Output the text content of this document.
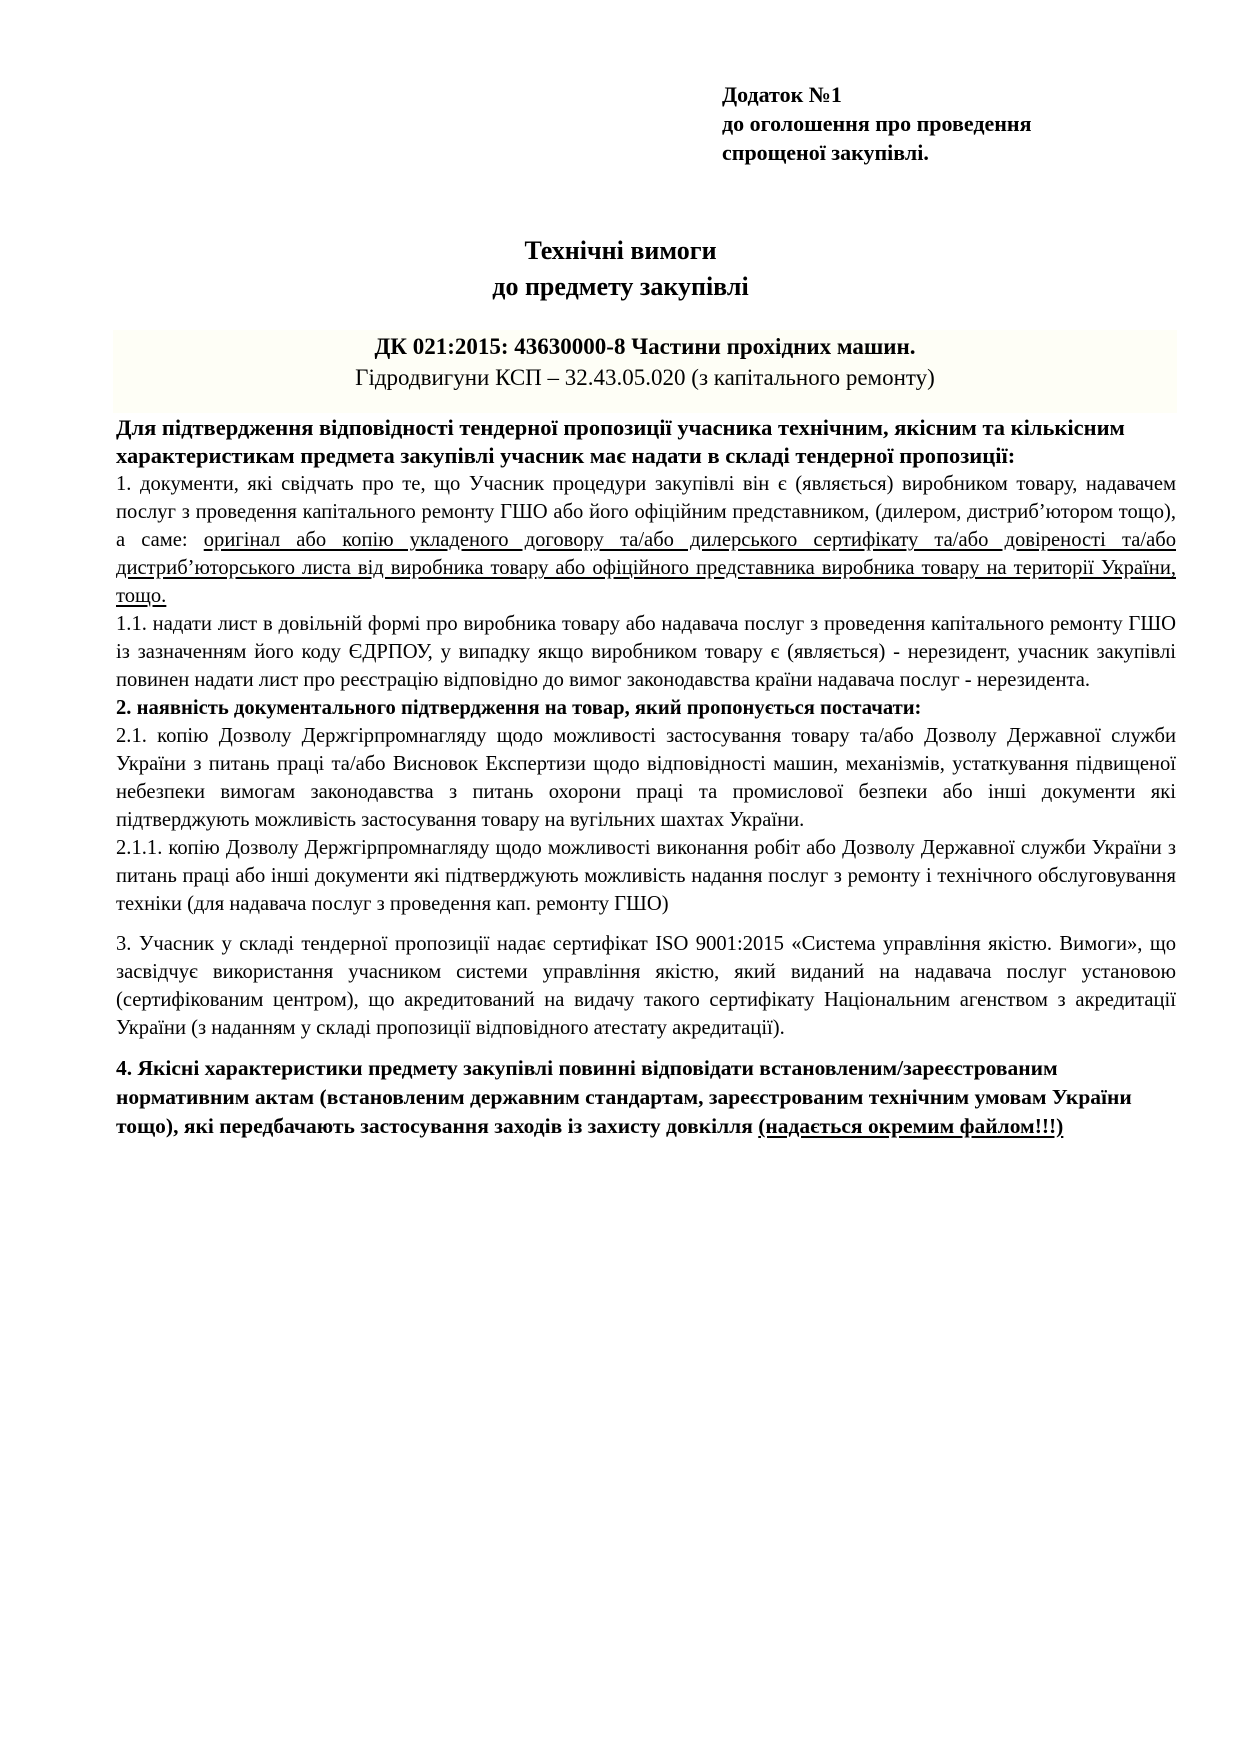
Додаток №1
до оголошення про проведення
спрощеної закупівлі.
Технічні вимоги
до предмету закупівлі
ДК 021:2015: 43630000-8 Частини прохідних машин.
Гідродвигуни КСП – 32.43.05.020 (з капітального ремонту)

Для підтвердження відповідності тендерної пропозиції учасника технічним, якісним та кількісним характеристикам предмета закупівлі учасник має надати в складі тендерної пропозиції:

1. документи, які свідчать про те, що Учасник процедури закупівлі він є (являється) виробником товару, надавачем послуг з проведення капітального ремонту ГШО або його офіційним представником, (дилером, дистриб’ютором тощо), а саме: оригінал або копію укладеного договору та/або дилерського сертифікату та/або довіреності та/або дистриб’юторського листа від виробника товару або офіційного представника виробника товару на території України, тощо.

1.1. надати лист в довільній формі про виробника товару або надавача послуг з проведення капітального ремонту ГШО із зазначенням його коду ЄДРПОУ, у випадку якщо виробником товару є (являється) - нерезидент, учасник закупівлі повинен надати лист про реєстрацію відповідно до вимог законодавства країни надавача послуг - нерезидента.

2. наявність документального підтвердження на товар, який пропонується постачати:

2.1. копію Дозволу Держгірпромнагляду щодо можливості застосування товару та/або Дозволу Державної служби України з питань праці та/або Висновок Експертизи щодо відповідності машин, механізмів, устаткування підвищеної небезпеки вимогам законодавства з питань охорони праці та промислової безпеки або інші документи які підтверджують можливість застосування товару на вугільних шахтах України.

2.1.1. копію Дозволу Держгірпромнагляду щодо можливості виконання робіт або Дозволу Державної служби України з питань праці або інші документи які підтверджують можливість надання послуг з ремонту і технічного обслуговування техніки (для надавача послуг з проведення кап. ремонту ГШО)

3. Учасник у складі тендерної пропозиції надає сертифікат ISO 9001:2015 «Система управління якістю. Вимоги», що засвідчує використання учасником системи управління якістю, який виданий на надавача послуг установою (сертифікованим центром), що акредитований на видачу такого сертифікату Національним агенством з акредитації України (з наданням у складі пропозиції відповідного атестату акредитації).

4. Якісні характеристики предмету закупівлі повинні відповідати встановленим/зареєстрованим нормативним актам (встановленим державним стандартам, зареєстрованим технічним умовам України тощо), які передбачають застосування заходів із захисту довкілля (надається окремим файлом!!!)
